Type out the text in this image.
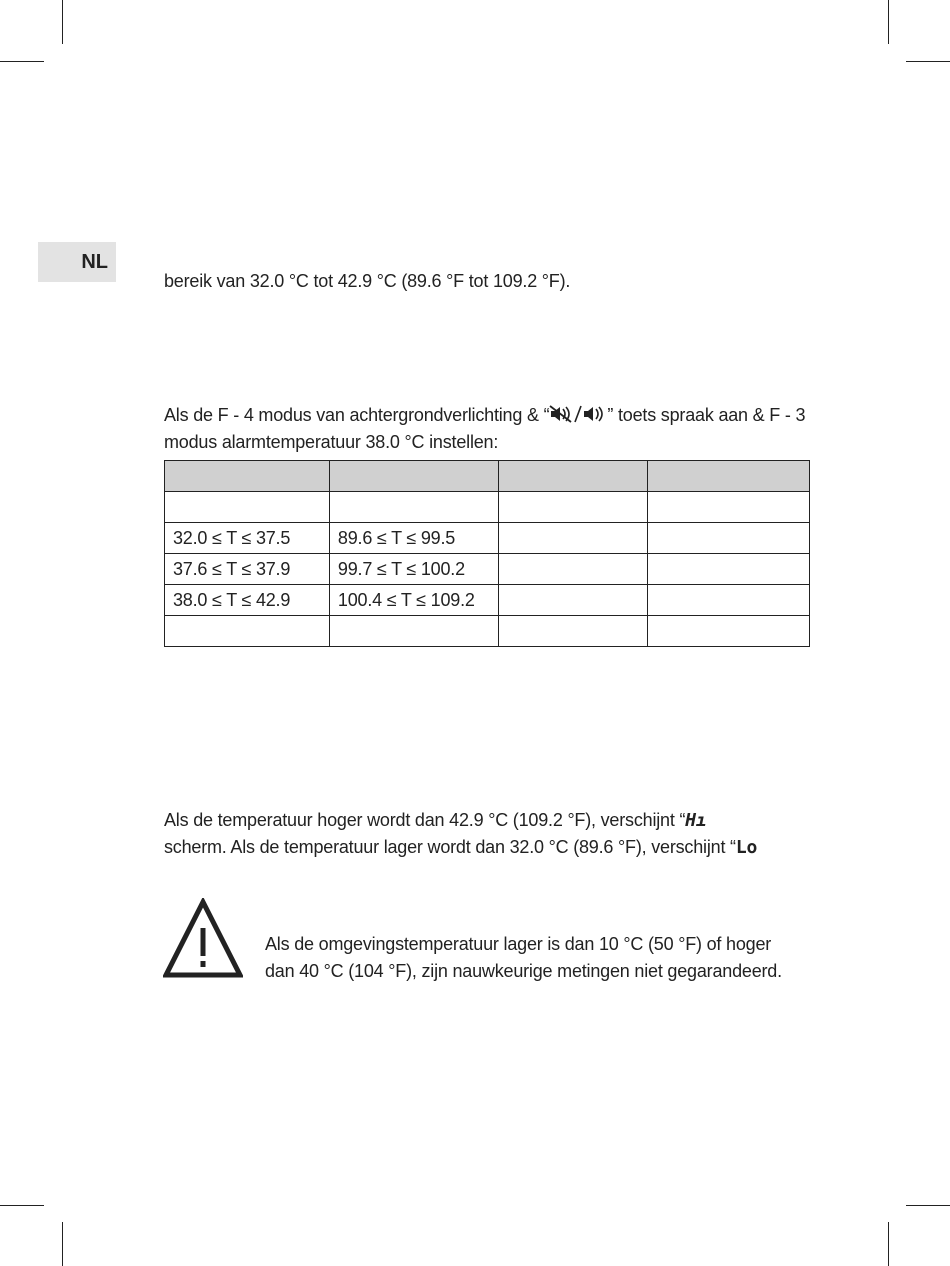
NL
bereik van 32.0 °C tot 42.9 °C (89.6 °F tot 109.2 °F).
Als de F - 4 modus van achtergrondverlichting & “	” toets spraak aan & F - 3
modus alarmtemperatuur 38.0 °C instellen:

32.0 ≤ T ≤ 37.5	89.6 ≤ T ≤ 99.5		
37.6 ≤ T ≤ 37.9	99.7 ≤ T ≤ 100.2		
38.0 ≤ T ≤ 42.9	100.4 ≤ T ≤ 109.2		

Als de temperatuur hoger wordt dan 42.9 °C (109.2 °F), verschijnt “Hı
scherm. Als de temperatuur lager wordt dan 32.0 °C (89.6 °F), verschijnt “Lo
Als de omgevingstemperatuur lager is dan 10 °C (50 °F) of hoger
dan 40 °C (104 °F), zijn nauwkeurige metingen niet gegarandeerd.
